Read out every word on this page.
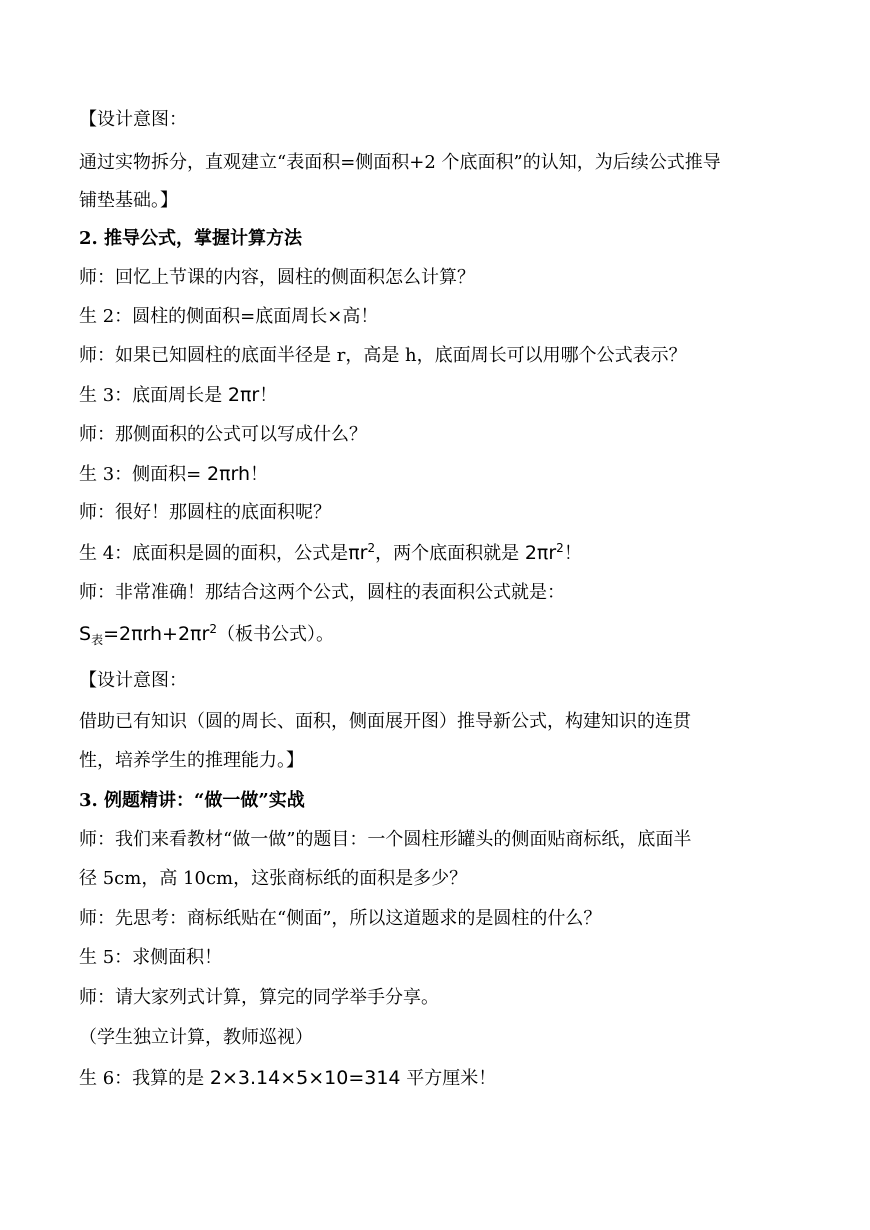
【设计意图：
通过实物拆分，直观建立“表面积=侧面积+2 个底面积”的认知，为后续公式推导
铺垫基础。】
2. 推导公式，掌握计算方法
师：回忆上节课的内容，圆柱的侧面积怎么计算？
生 2：圆柱的侧面积=底面周长×高！
师：如果已知圆柱的底面半径是 r，高是 h，底面周长可以用哪个公式表示？
生 3：底面周长是 2πr！
师：那侧面积的公式可以写成什么？
生 3：侧面积= 2πrh！
师：很好！那圆柱的底面积呢？
生 4：底面积是圆的面积，公式是$\pi r^2$，两个底面积就是 $2\pi r^2$！
师：非常准确！那结合这两个公式，圆柱的表面积公式就是：
$S_表=2\pi rh+2\pi r^2$（板书公式）。
【设计意图：
借助已有知识（圆的周长、面积，侧面展开图）推导新公式，构建知识的连贯
性，培养学生的推理能力。】
3. 例题精讲：“做一做”实战
师：我们来看教材“做一做”的题目：一个圆柱形罐头的侧面贴商标纸，底面半
径 5cm，高 10cm，这张商标纸的面积是多少？
师：先思考：商标纸贴在“侧面”，所以这道题求的是圆柱的什么？
生 5：求侧面积！
师：请大家列式计算，算完的同学举手分享。
（学生独立计算，教师巡视）
生 6：我算的是 2×3.14×5×10=314 平方厘米！
